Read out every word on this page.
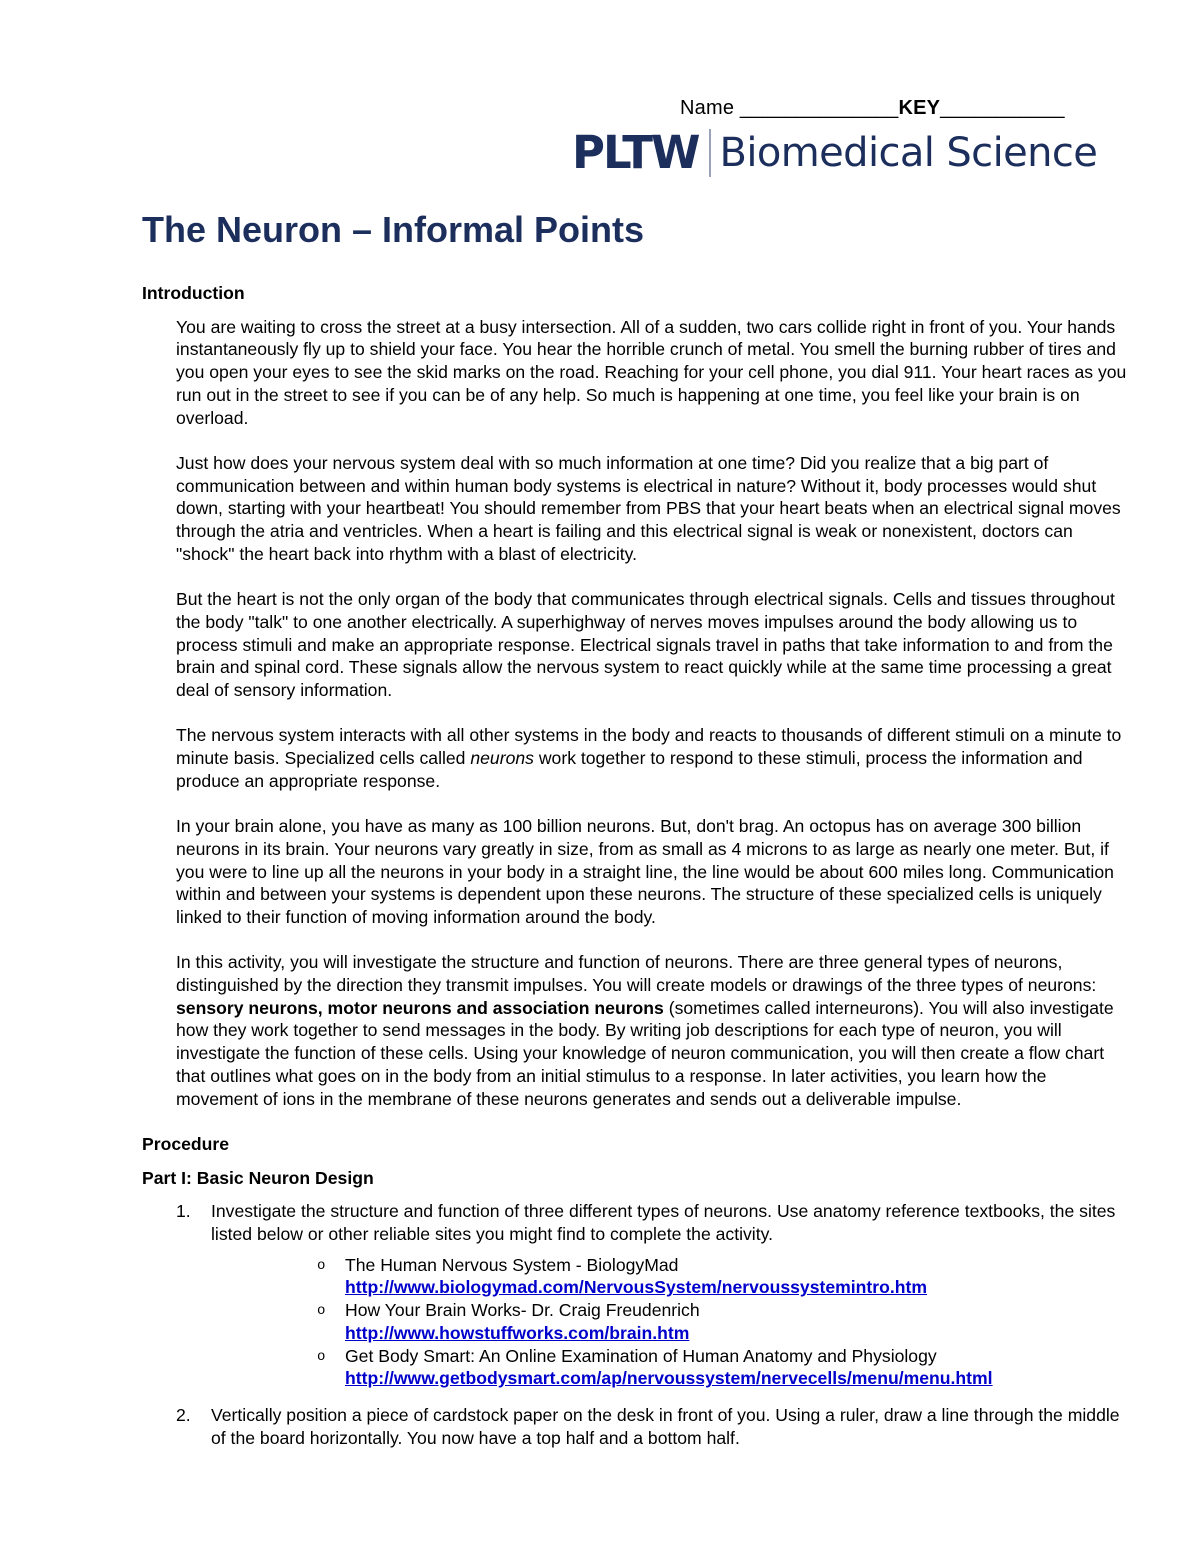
Name ______________KEY___________
PLTW Biomedical Science
The Neuron – Informal Points

Introduction

You are waiting to cross the street at a busy intersection. All of a sudden, two cars collide right in front of you. Your hands instantaneously fly up to shield your face. You hear the horrible crunch of metal. You smell the burning rubber of tires and you open your eyes to see the skid marks on the road. Reaching for your cell phone, you dial 911. Your heart races as you run out in the street to see if you can be of any help. So much is happening at one time, you feel like your brain is on overload.

Just how does your nervous system deal with so much information at one time? Did you realize that a big part of communication between and within human body systems is electrical in nature? Without it, body processes would shut down, starting with your heartbeat! You should remember from PBS that your heart beats when an electrical signal moves through the atria and ventricles. When a heart is failing and this electrical signal is weak or nonexistent, doctors can "shock" the heart back into rhythm with a blast of electricity.

But the heart is not the only organ of the body that communicates through electrical signals. Cells and tissues throughout the body "talk" to one another electrically. A superhighway of nerves moves impulses around the body allowing us to process stimuli and make an appropriate response. Electrical signals travel in paths that take information to and from the brain and spinal cord. These signals allow the nervous system to react quickly while at the same time processing a great deal of sensory information.

The nervous system interacts with all other systems in the body and reacts to thousands of different stimuli on a minute to minute basis. Specialized cells called neurons work together to respond to these stimuli, process the information and produce an appropriate response.

In your brain alone, you have as many as 100 billion neurons. But, don't brag. An octopus has on average 300 billion neurons in its brain. Your neurons vary greatly in size, from as small as 4 microns to as large as nearly one meter. But, if you were to line up all the neurons in your body in a straight line, the line would be about 600 miles long. Communication within and between your systems is dependent upon these neurons. The structure of these specialized cells is uniquely linked to their function of moving information around the body.

In this activity, you will investigate the structure and function of neurons. There are three general types of neurons, distinguished by the direction they transmit impulses. You will create models or drawings of the three types of neurons: sensory neurons, motor neurons and association neurons (sometimes called interneurons). You will also investigate how they work together to send messages in the body. By writing job descriptions for each type of neuron, you will investigate the function of these cells. Using your knowledge of neuron communication, you will then create a flow chart that outlines what goes on in the body from an initial stimulus to a response. In later activities, you learn how the movement of ions in the membrane of these neurons generates and sends out a deliverable impulse.

Procedure

Part I: Basic Neuron Design

1. Investigate the structure and function of three different types of neurons. Use anatomy reference textbooks, the sites listed below or other reliable sites you might find to complete the activity.
o The Human Nervous System - BiologyMad
http://www.biologymad.com/NervousSystem/nervoussystemintro.htm
o How Your Brain Works- Dr. Craig Freudenrich
http://www.howstuffworks.com/brain.htm
o Get Body Smart: An Online Examination of Human Anatomy and Physiology
http://www.getbodysmart.com/ap/nervoussystem/nervecells/menu/menu.html
2. Vertically position a piece of cardstock paper on the desk in front of you. Using a ruler, draw a line through the middle of the board horizontally. You now have a top half and a bottom half.
